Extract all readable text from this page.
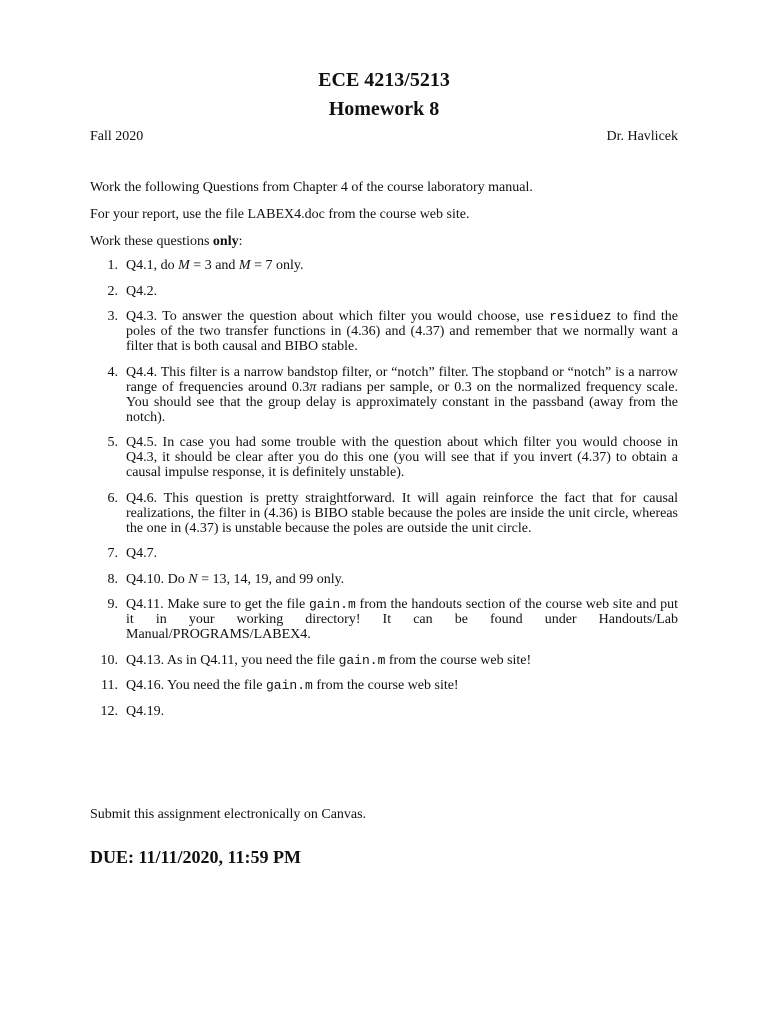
ECE 4213/5213
Homework 8
Fall 2020	Dr. Havlicek
Work the following Questions from Chapter 4 of the course laboratory manual.
For your report, use the file LABEX4.doc from the course web site.
Work these questions only:
1. Q4.1, do M = 3 and M = 7 only.
2. Q4.2.
3. Q4.3. To answer the question about which filter you would choose, use residuez to find the poles of the two transfer functions in (4.36) and (4.37) and remember that we normally want a filter that is both causal and BIBO stable.
4. Q4.4. This filter is a narrow bandstop filter, or “notch” filter. The stopband or “notch” is a narrow range of frequencies around 0.3π radians per sample, or 0.3 on the normalized frequency scale. You should see that the group delay is approximately constant in the passband (away from the notch).
5. Q4.5. In case you had some trouble with the question about which filter you would choose in Q4.3, it should be clear after you do this one (you will see that if you invert (4.37) to obtain a causal impulse response, it is definitely unstable).
6. Q4.6. This question is pretty straightforward. It will again reinforce the fact that for causal realizations, the filter in (4.36) is BIBO stable because the poles are inside the unit circle, whereas the one in (4.37) is unstable because the poles are outside the unit circle.
7. Q4.7.
8. Q4.10. Do N = 13, 14, 19, and 99 only.
9. Q4.11. Make sure to get the file gain.m from the handouts section of the course web site and put it in your working directory! It can be found under Handouts/Lab Manual/PROGRAMS/LABEX4.
10. Q4.13. As in Q4.11, you need the file gain.m from the course web site!
11. Q4.16. You need the file gain.m from the course web site!
12. Q4.19.
Submit this assignment electronically on Canvas.
DUE: 11/11/2020, 11:59 PM
